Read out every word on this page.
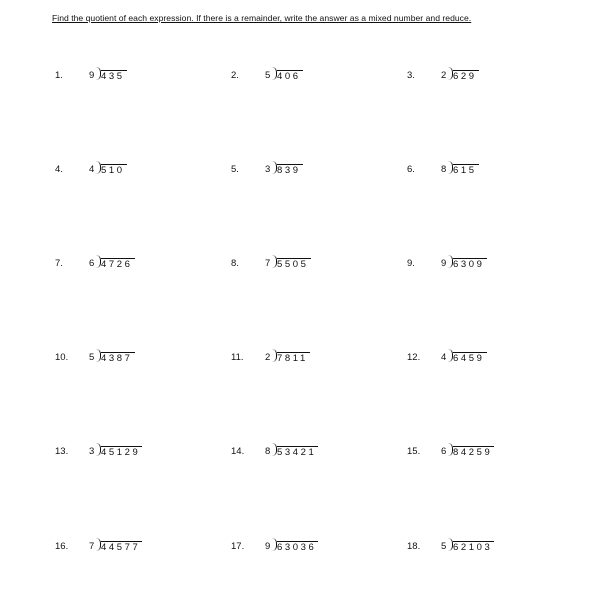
Find the quotient of each expression. If there is a remainder, write the answer as a mixed number and reduce.
1.	9 435	2.	5 406	3.	2 629
4.	4 510	5.	3 839	6.	8 615
7.	6 4726	8.	7 5505	9.	9 6309
10. 5 4387	11. 2 7811	12. 4 6459
13. 3 45129	14. 8 53421	15. 6 84259
16. 7 44577	17. 9 63036	18. 5 62103
